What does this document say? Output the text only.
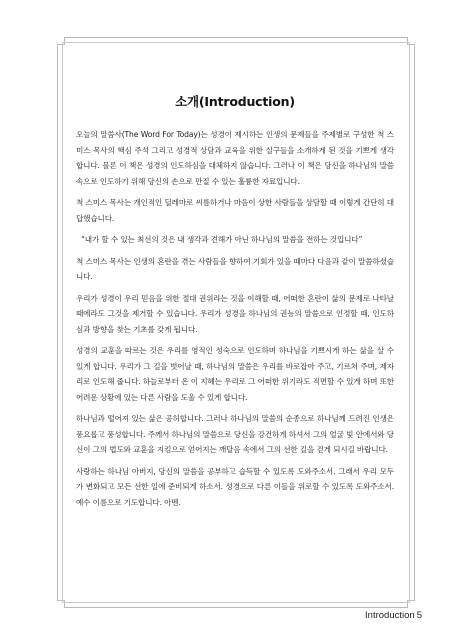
소개(Introduction)

오늘의 말씀사(The Word For Today)는 성경이 제시하는 인생의 문제들을 주제별로 구성한 척 스미스 목사의 핵심 주석 그리고 성경적 상담과 교육을 위한 실구들을 소개하게 된 것을 기쁘게 생각합니다. 물론 이 책은 성경의 인도하심을 대체하지 않습니다. 그러나 이 책은 당신을 하나님의 말씀 속으로 인도하기 위해 당신의 손으로 만질 수 있는 훌륭한 자료입니다.

척 스미스 목사는 개인적인 딜레마로 씨름하거나 마음이 상한 사람들을 상담할 때 이렇게 간단히 대답했습니다.

“내가 할 수 있는 최선의 것은 내 생각과 견해가 아닌 하나님의 말씀을 전하는 것입니다”

척 스미스 목사는 인생의 혼란을 겪는 사람들을 향하여 기회가 있을 때마다 다음과 같이 말씀하셨습니다.

우리가 성경이 우리 믿음을 위한 절대 권위라는 것을 이해할 때, 어떠한 혼란이 삶의 문제로 나타날 때에라도 그것을 제거할 수 있습니다. 우리가 성경을 하나님의 권능의 말씀으로 인정할 때, 인도하심과 방향을 찾는 기초를 갖게 됩니다.

성경의 교훈을 따르는 것은 우리를 영적인 성숙으로 인도하며 하나님을 기쁘시게 하는 삶을 살 수 있게 합니다. 우리가 그 길을 벗어날 때, 하나님의 말씀은 우리를 바로잡아 주고, 기르쳐 주며, 제자리로 인도해 줍니다. 하늘로부터 온 이 지혜는 우리로 그 어떠한 위기라도 직면할 수 있게 하며 또한 어려운 상황에 있는 다른 사람을 도울 수 있게 합니다.

하나님과 떨어져 있는 삶은 공허합니다. 그러나 하나님의 말씀의 순종으로 하나님께 드려진 인생은 풍요롭고 풍성합니다. 주께서 하나님의 말씀으로 당신을 강건하게 하셔서 그의 얼굴 빛 안에서와 당신이 그의 법도와 교훈을 지킴으로 얻어지는 깨달음 속에서 그의 선한 길을 걷게 되시길 바랍니다.

사랑하는 하나님 아버지, 당신의 말씀을 공부하고 습득할 수 있도록 도와주소서. 그래서 우리 모두가 변화되고 모든 선한 일에 준비되게 하소서. 성경으로 다른 이들을 위로할 수 있도록 도와주소서. 예수 이름으로 기도합니다. 아멘.

Introduction 5
